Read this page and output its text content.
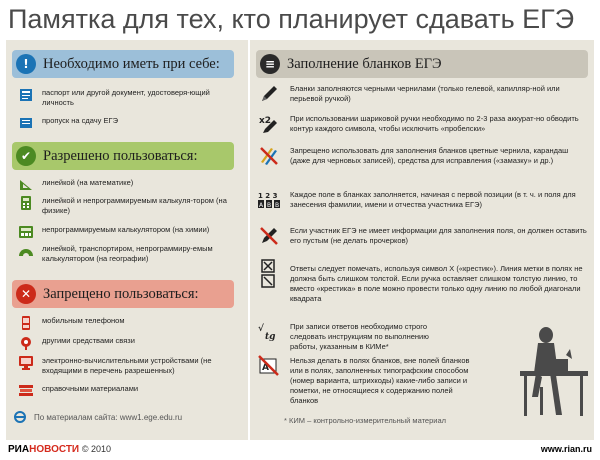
Памятка для тех, кто планирует сдавать ЕГЭ
! Необходимо иметь при себе:
паспорт или другой документ, удостоверя-ющий личность
пропуск на сдачу ЕГЭ
✔ Разрешено пользоваться:
линейкой (на математике)
линейкой и непрограммируемым калькуля-тором (на физике)
непрограммируемым калькулятором (на химии)
линейкой, транспортиром, непрограммиру-емым калькулятором (на географии)
✕ Запрещено пользоваться:
мобильным телефоном
другими средствами связи
электронно-вычислительными устройствами (не входящими в перечень разрешенных)
справочными материалами
По материалам сайта:
www1.ege.edu.ru
≡ Заполнение бланков ЕГЭ
Бланки заполняются черными чернилами (только гелевой, капилляр-ной или перьевой ручкой)
x2	При использовании шариковой ручки необходимо по 2-3 раза аккурат-но обводить контур каждого символа, чтобы исключить «пробелски»
Запрещено использовать для заполнения бланков цветные чернила, карандаш (даже для черновых записей), средства для исправления («замазку» и др.)
1 2 3
A B B
Каждое поле в бланках заполняется, начиная с первой позиции (в т. ч. и поля для занесения фамилии, имени и отчества участника ЕГЭ)
Если участник ЕГЭ не имеет информации для заполнения поля, он должен оставить его пустым (не делать прочерков)
Ответы следует помечать, используя символ Х («крестик»). Линия метки в полях не должна быть слишком толстой. Если ручка оставляет слишком толстую линию, то вместо «крестика» в поле можно провести только одну линию по любой диагонали квадрата
√
tg
При записи ответов необходимо строго следовать инструкциям по выполнению работы, указанным в КИМе*
A
Нельзя делать в полях бланков, вне полей бланков или в полях, заполненных типографским способом (номер варианта, штрихкоды) какие-либо записи и пометки, не относящиеся к содержанию полей бланков
* КИМ – контрольно-измерительный материал
РИАНОВОСТИ © 2010	www.rian.ru
